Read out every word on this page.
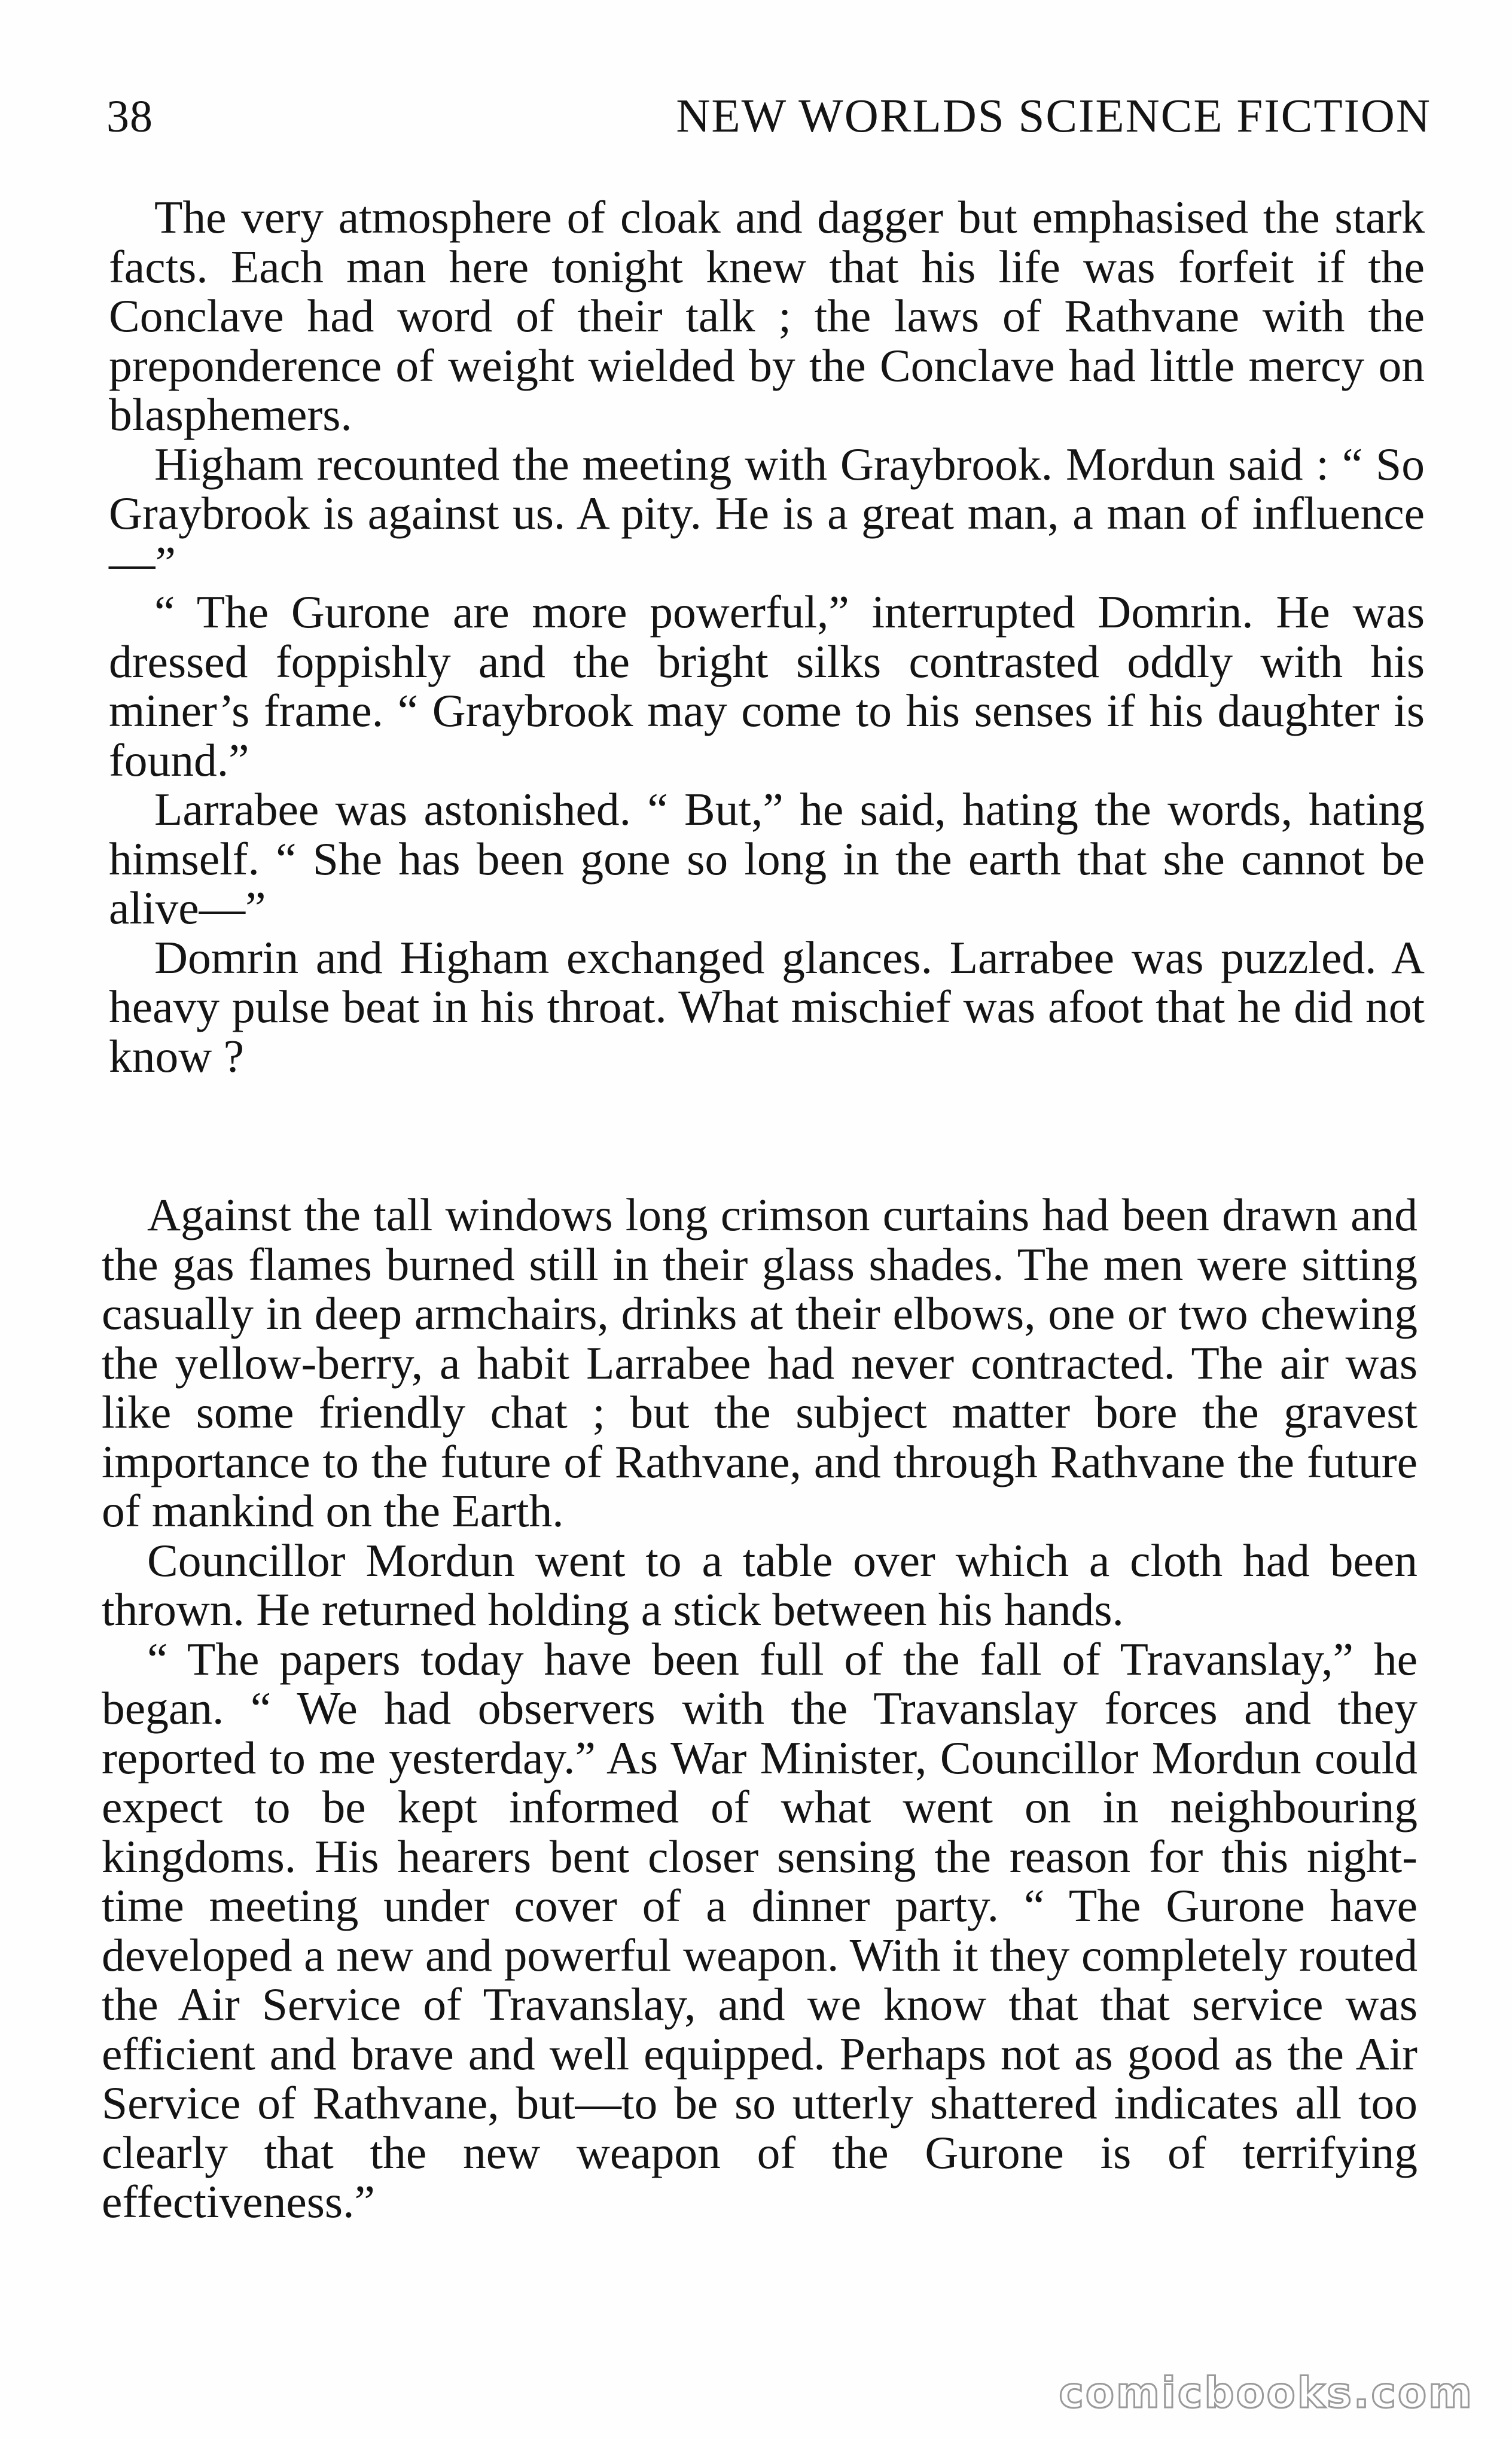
38	NEW WORLDS SCIENCE FICTION

The very atmosphere of cloak and dagger but emphasised the stark facts. Each man here tonight knew that his life was forfeit if the Conclave had word of their talk ; the laws of Rathvane with the preponderence of weight wielded by the Conclave had little mercy on blasphemers.

Higham recounted the meeting with Graybrook. Mordun said : “ So Graybrook is against us. A pity. He is a great man, a man of influence—”

“ The Gurone are more powerful,” interrupted Domrin. He was dressed foppishly and the bright silks contrasted oddly with his miner’s frame. “ Graybrook may come to his senses if his daughter is found.”

Larrabee was astonished. “ But,” he said, hating the words, hating himself. “ She has been gone so long in the earth that she cannot be alive—”

Domrin and Higham exchanged glances. Larrabee was puzzled. A heavy pulse beat in his throat. What mischief was afoot that he did not know ?

Against the tall windows long crimson curtains had been drawn and the gas flames burned still in their glass shades. The men were sitting casually in deep armchairs, drinks at their elbows, one or two chewing the yellow-berry, a habit Larrabee had never contracted. The air was like some friendly chat ; but the subject matter bore the gravest importance to the future of Rathvane, and through Rathvane the future of mankind on the Earth.

Councillor Mordun went to a table over which a cloth had been thrown. He returned holding a stick between his hands.

“ The papers today have been full of the fall of Travanslay,” he began. “ We had observers with the Travanslay forces and they reported to me yesterday.” As War Minister, Councillor Mordun could expect to be kept informed of what went on in neighbouring kingdoms. His hearers bent closer sensing the reason for this night-time meeting under cover of a dinner party. “ The Gurone have developed a new and powerful weapon. With it they completely routed the Air Service of Travanslay, and we know that that service was efficient and brave and well equipped. Perhaps not as good as the Air Service of Rathvane, but—to be so utterly shattered indicates all too clearly that the new weapon of the Gurone is of terrifying effectiveness.”

comicbooks.com
